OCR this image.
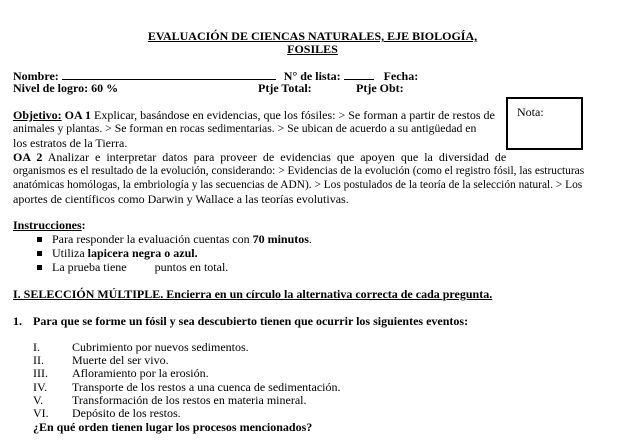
EVALUACIÓN DE CIENCAS NATURALES, EJE BIOLOGÍA,
FOSILES
Nombre:	N° de lista:	Fecha:
Nivel de logro: 60 %	Ptje Total:	Ptje Obt:
Nota:
Objetivo: OA 1 Explicar, basándose en evidencias, que los fósiles: > Se forman a partir de restos de
animales y plantas. > Se forman en rocas sedimentarias. > Se ubican de acuerdo a su antigüedad en
los estratos de la Tierra.
OA 2 Analizar e interpretar datos para proveer de evidencias que apoyen que la diversidad de
organismos es el resultado de la evolución, considerando: > Evidencias de la evolución (como el registro fósil, las estructuras
anatómicas homólogas, la embriología y las secuencias de ADN). > Los postulados de la teoría de la selección natural. > Los
aportes de científicos como Darwin y Wallace a las teorías evolutivas.
Instrucciones:
Para responder la evaluación cuentas con 70 minutos.
Utiliza lapicera negra o azul.
La prueba tiene puntos en total.
I. SELECCIÓN MÚLTIPLE. Encierra en un círculo la alternativa correcta de cada pregunta.
1. Para que se forme un fósil y sea descubierto tienen que ocurrir los siguientes eventos:
I.	Cubrimiento por nuevos sedimentos.
II. Muerte del ser vivo.
III. Afloramiento por la erosión.
IV. Transporte de los restos a una cuenca de sedimentación.
V. Transformación de los restos en materia mineral.
VI. Depósito de los restos.
¿En qué orden tienen lugar los procesos mencionados?
